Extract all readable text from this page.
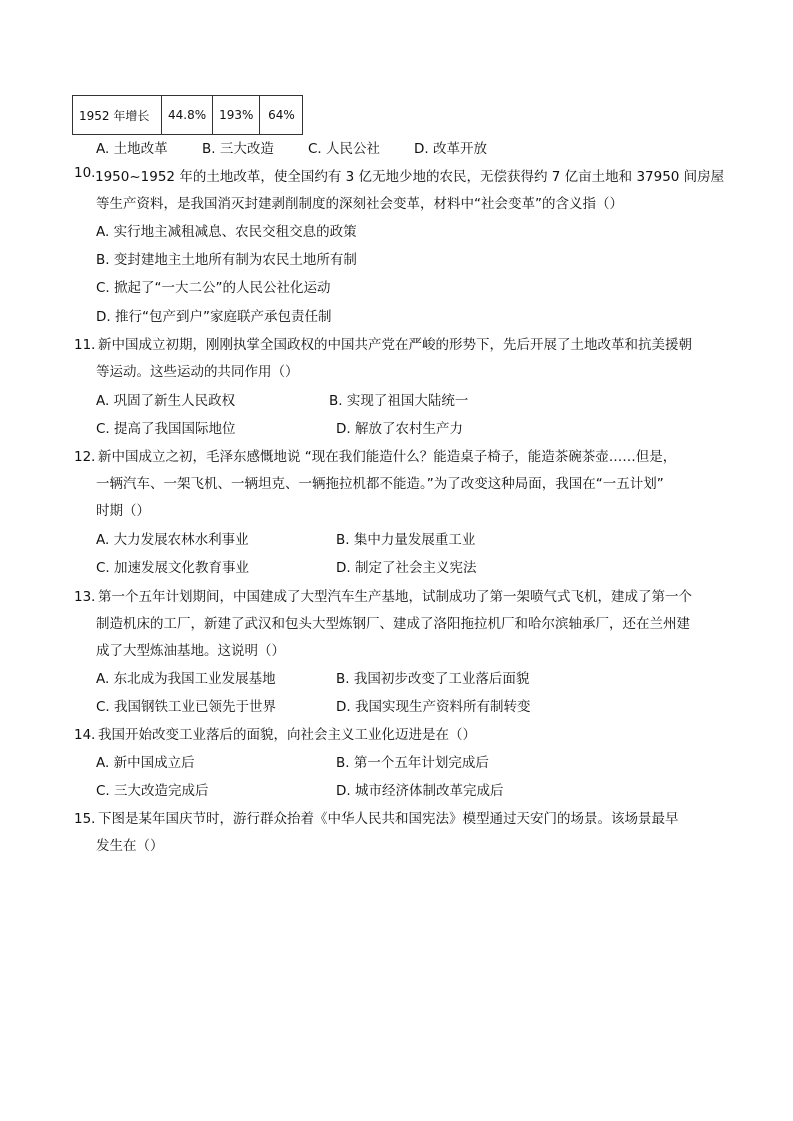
1952 年增长	44.8%	193%	64%
A. 土地改革	B. 三大改造	C. 人民公社	D. 改革开放
10. 1950~1952 年的土地改革，使全国约有 3 亿无地少地的农民，无偿获得约 7 亿亩土地和 37950 间房屋
等生产资料，是我国消灭封建剥削制度的深刻社会变革，材料中“社会变革”的含义指（）
A. 实行地主减租减息、农民交租交息的政策
B. 变封建地主土地所有制为农民土地所有制
C. 掀起了“一大二公”的人民公社化运动
D. 推行“包产到户”家庭联产承包责任制
11．
新中国成立初期，刚刚执掌全国政权的中国共产党在严峻的形势下，先后开展了土地改革和抗美援朝
等运动。这些运动的共同作用（）
A. 巩固了新生人民政权	B. 实现了祖国大陆统一
C. 提高了我国国际地位	D. 解放了农村生产力
12．
新中国成立之初，毛泽东感慨地说 “现在我们能造什么？能造桌子椅子，能造茶碗茶壶……但是，
一辆汽车、一架飞机、一辆坦克、一辆拖拉机都不能造。”为了改变这种局面，我国在“一五计划”
时期（）
A. 大力发展农林水利事业	B. 集中力量发展重工业
C. 加速发展文化教育事业	D. 制定了社会主义宪法
13．
第一个五年计划期间，中国建成了大型汽车生产基地，试制成功了第一架喷气式飞机，建成了第一个
制造机床的工厂，新建了武汉和包头大型炼钢厂、建成了洛阳拖拉机厂和哈尔滨轴承厂，还在兰州建
成了大型炼油基地。这说明（）
A. 东北成为我国工业发展基地	B. 我国初步改变了工业落后面貌
C. 我国钢铁工业已领先于世界	D. 我国实现生产资料所有制转变
14．
我国开始改变工业落后的面貌，向社会主义工业化迈进是在（）
A. 新中国成立后	B. 第一个五年计划完成后
C. 三大改造完成后	D. 城市经济体制改革完成后
15．
下图是某年国庆节时，游行群众抬着《中华人民共和国宪法》模型通过天安门的场景。该场景最早
发生在（）
